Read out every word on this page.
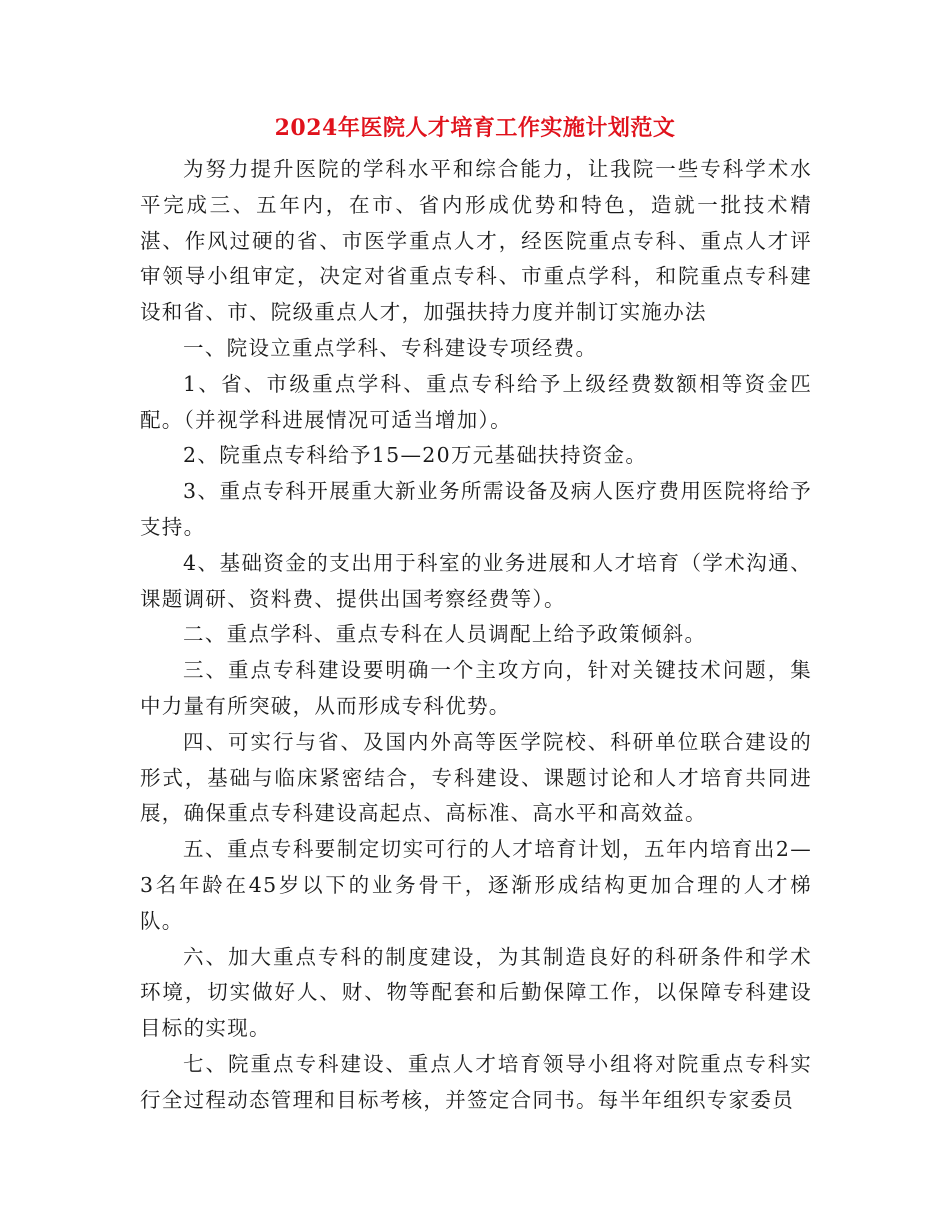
2024年医院人才培育工作实施计划范文

为努力提升医院的学科水平和综合能力，让我院一些专科学术水平完成三、五年内，在市、省内形成优势和特色，造就一批技术精湛、作风过硬的省、市医学重点人才，经医院重点专科、重点人才评审领导小组审定，决定对省重点专科、市重点学科，和院重点专科建设和省、市、院级重点人才，加强扶持力度并制订实施办法

一、院设立重点学科、专科建设专项经费。

1、省、市级重点学科、重点专科给予上级经费数额相等资金匹配。（并视学科进展情况可适当增加）。

2、院重点专科给予15—20万元基础扶持资金。

3、重点专科开展重大新业务所需设备及病人医疗费用医院将给予支持。

4、基础资金的支出用于科室的业务进展和人才培育（学术沟通、课题调研、资料费、提供出国考察经费等）。

二、重点学科、重点专科在人员调配上给予政策倾斜。

三、重点专科建设要明确一个主攻方向，针对关键技术问题，集中力量有所突破，从而形成专科优势。

四、可实行与省、及国内外高等医学院校、科研单位联合建设的形式，基础与临床紧密结合，专科建设、课题讨论和人才培育共同进展，确保重点专科建设高起点、高标准、高水平和高效益。

五、重点专科要制定切实可行的人才培育计划，五年内培育出2—3名年龄在45岁以下的业务骨干，逐渐形成结构更加合理的人才梯队。

六、加大重点专科的制度建设，为其制造良好的科研条件和学术环境，切实做好人、财、物等配套和后勤保障工作，以保障专科建设目标的实现。

七、院重点专科建设、重点人才培育领导小组将对院重点专科实行全过程动态管理和目标考核，并签定合同书。每半年组织专家委员
